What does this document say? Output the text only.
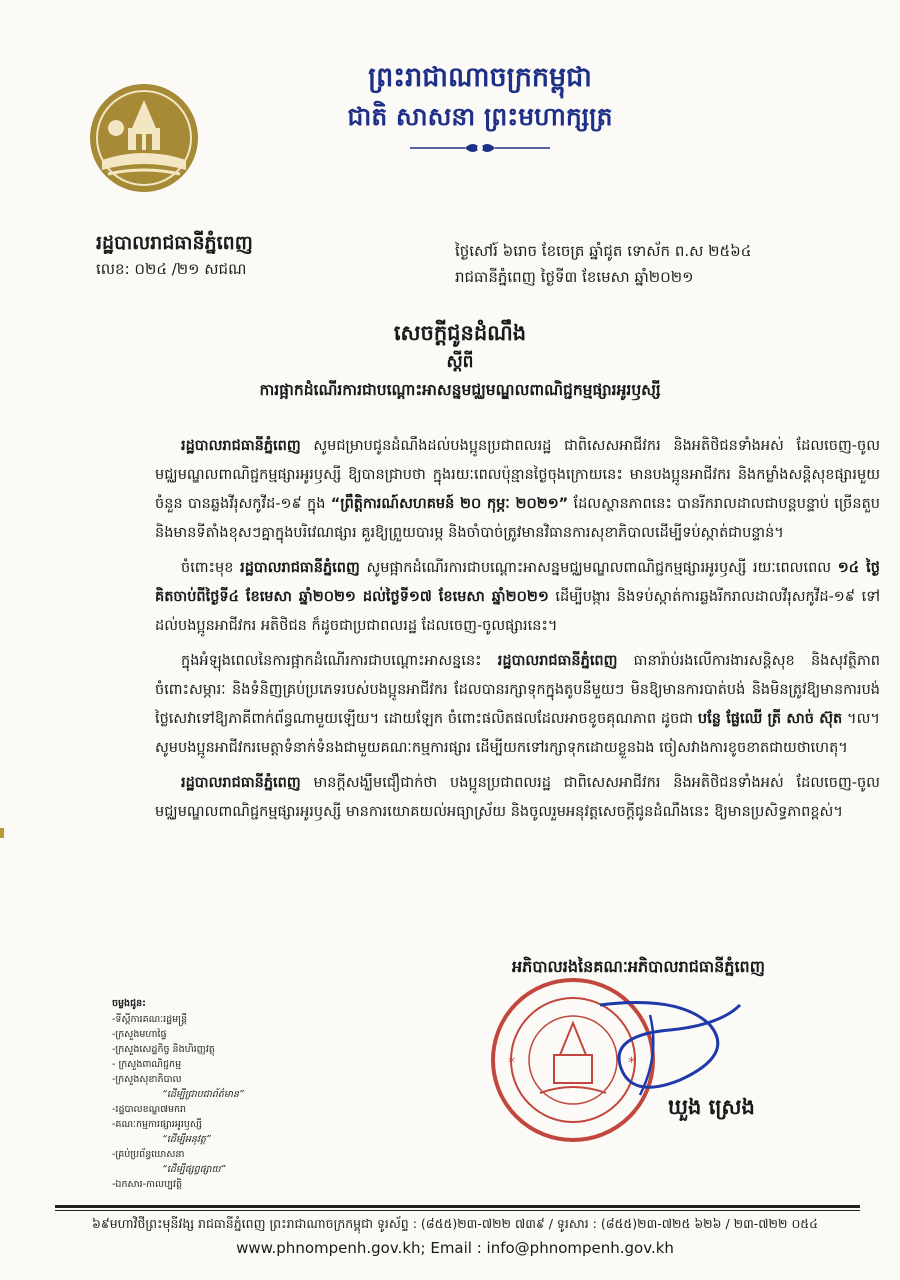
ព្រះរាជាណាចក្រកម្ពុជា

ជាតិ សាសនា ព្រះមហាក្សត្រ

រដ្ឋបាលរាជធានីភ្នំពេញ
លេខ: ០២៤ /២១ សជណ
ថ្ងៃសៅរ៍ ៦រោច ខែចេត្រ ឆ្នាំជូត ទោស័ក ព.ស ២៥៦៤
រាជធានីភ្នំពេញ ថ្ងៃទី៣ ខែមេសា ឆ្នាំ២០២១
សេចក្តីជូនដំណឹង
ស្តីពី
ការផ្អាកដំណើរការជាបណ្តោះអាសន្នមជ្ឈមណ្ឌលពាណិជ្ជកម្មផ្សារអូរឫស្សី

រដ្ឋបាលរាជធានីភ្នំពេញ សូមជម្រាបជូនដំណឹងដល់បងប្អូនប្រជាពលរដ្ឋ ជាពិសេសអាជីវករ និងអតិថិជនទាំងអស់ ដែលចេញ-ចូលមជ្ឈមណ្ឌលពាណិជ្ជកម្មផ្សារអូរឫស្សី ឱ្យបានជ្រាបថា ក្នុងរយៈពេលប៉ុន្មានថ្ងៃចុងក្រោយនេះ មានបងប្អូនអាជីវករ និងកម្លាំងសន្តិសុខផ្សារមួយចំនួន បានឆ្លងវីរុសកូវីដ-១៩ ក្នុង “ព្រឹត្តិការណ៍សហគមន៍ ២០ កុម្ភៈ ២០២១” ដែលស្ថានភាពនេះ បានរីករាលដាលជាបន្តបន្ទាប់ ច្រើនតួប និងមានទីតាំងខុសៗគ្នាក្នុងបរិវេណផ្សារ គួរឱ្យព្រួយបារម្ភ និងចាំបាច់ត្រូវមានវិធានការសុខាភិបាលដើម្បីទប់ស្កាត់ជាបន្ទាន់។

ចំពោះមុខ រដ្ឋបាលរាជធានីភ្នំពេញ សូមផ្អាកដំណើរការជាបណ្តោះអាសន្នមជ្ឈមណ្ឌលពាណិជ្ជកម្មផ្សារអូរឫស្សី រយៈពេលពេល ១៤ ថ្ងៃ គិតចាប់ពីថ្ងៃទី៤ ខែមេសា ឆ្នាំ២០២១ ដល់ថ្ងៃទី១៧ ខែមេសា ឆ្នាំ២០២១ ដើម្បីបង្ការ និងទប់ស្កាត់ការឆ្លងរីករាលដាលវីរុសកូវីដ-១៩ ទៅដល់បងប្អូនអាជីវករ អតិថិជន ក៏ដូចជាប្រជាពលរដ្ឋ ដែលចេញ-ចូលផ្សារនេះ។

ក្នុងអំឡុងពេលនៃការផ្អាកដំណើរការជាបណ្តោះអាសន្ននេះ រដ្ឋបាលរាជធានីភ្នំពេញ ធានារ៉ាប់រងលើការងារសន្តិសុខ និងសុវត្ថិភាព ចំពោះសម្ភារៈ និងទំនិញគ្រប់ប្រភេទរបស់បងប្អូនអាជីវករ ដែលបានរក្សាទុកក្នុងតូបនីមួយៗ មិនឱ្យមានការបាត់បង់ និងមិនត្រូវឱ្យមានការបង់ថ្លៃសេវាទៅឱ្យភាគីពាក់ព័ន្ធណាមួយឡើយ។ ដោយឡែក ចំពោះផលិតផលដែលអាចខូចគុណភាព ដូចជា បន្លែ ផ្លែឈើ ត្រី សាច់ ស៊ុត ។ល។ សូមបងប្អូនអាជីវករមេត្តាទំនាក់ទំនងជាមួយគណៈកម្មការផ្សារ ដើម្បីយកទៅរក្សាទុកដោយខ្លួនឯង ចៀសវាងការខូចខាតជាយថាហេតុ។

រដ្ឋបាលរាជធានីភ្នំពេញ មានក្តីសង្ឃឹមជឿជាក់ថា បងប្អូនប្រជាពលរដ្ឋ ជាពិសេសអាជីវករ និងអតិថិជនទាំងអស់ ដែលចេញ-ចូលមជ្ឈមណ្ឌលពាណិជ្ជកម្មផ្សារអូរឫស្សី មានការយោគយល់អធ្យាស្រ័យ និងចូលរួមអនុវត្តសេចក្តីជូនដំណឹងនេះ ឱ្យមានប្រសិទ្ធភាពខ្ពស់។

អភិបាលរងនៃគណៈអភិបាលរាជធានីភ្នំពេញ
*	*
ឃួង ស្រេង
ចម្លងជូន:

-ទីស្តីការគណៈរដ្ឋមន្ត្រី

-ក្រសួងមហាផ្ទៃ

-ក្រសួងសេដ្ឋកិច្ច និងហិរញ្ញវត្ថុ

- ក្រសួងពាណិជ្ជកម្ម

-ក្រសួងសុខាភិបាល

“ដើម្បីជ្រាបជាព័ត៌មាន”

-រដ្ឋបាលខណ្ឌ៧មករា

-គណៈកម្មការផ្សារអូរឫស្សី

“ដើម្បីអនុវត្ត”

-គ្រប់ប្រព័ន្ធឃោសនា

“ដើម្បីផ្សព្វផ្សាយ”

-ឯកសារ-កាលប្បវត្តិ

៦៩មហាវិថីព្រះមុនីវង្ស រាជធានីភ្នំពេញ ព្រះរាជាណាចក្រកម្ពុជា ទូរស័ព្ទ : (៨៥៥)២៣-៧២២ ៧៣៩ / ទូរសារ : (៨៥៥)២៣-៧២៥ ៦២៦ / ២៣-៧២២ ០៥៤
www.phnompenh.gov.kh; Email : info@phnompenh.gov.kh
